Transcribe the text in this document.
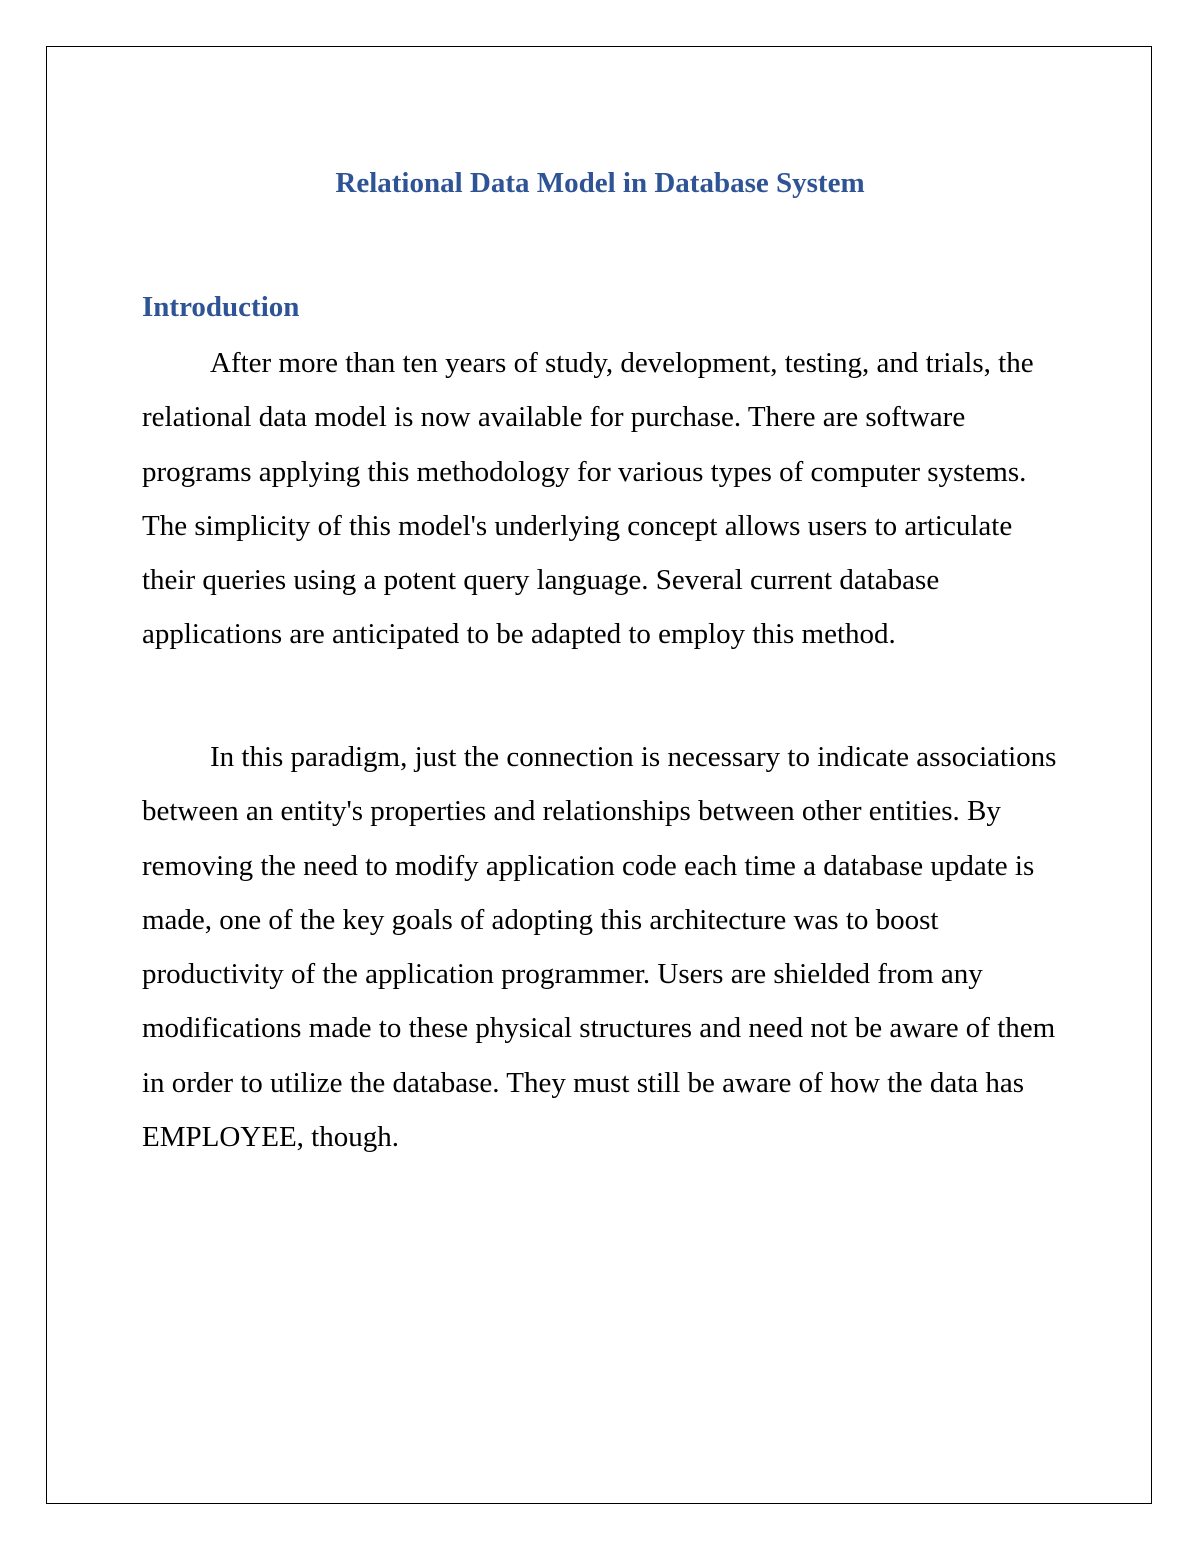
Relational Data Model in Database System
Introduction

After more than ten years of study, development, testing, and trials, the relational data model is now available for purchase. There are software programs applying this methodology for various types of computer systems. The simplicity of this model's underlying concept allows users to articulate their queries using a potent query language. Several current database applications are anticipated to be adapted to employ this method.

In this paradigm, just the connection is necessary to indicate associations between an entity's properties and relationships between other entities. By removing the need to modify application code each time a database update is made, one of the key goals of adopting this architecture was to boost productivity of the application programmer. Users are shielded from any modifications made to these physical structures and need not be aware of them in order to utilize the database. They must still be aware of how the data has EMPLOYEE, though.
